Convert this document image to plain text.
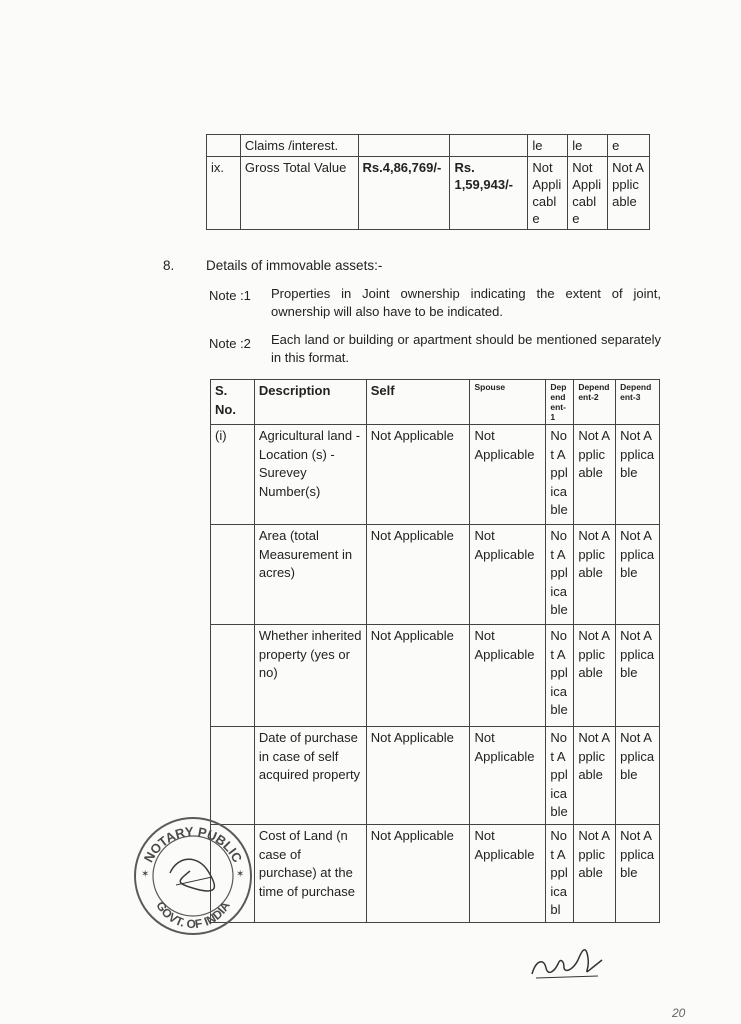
	Claims /interest.			le	le	e
ix.	Gross Total Value	Rs.4,86,769/-	Rs. 1,59,943/-	Not Applicable	Not Applicable	Not Applicable
8. Details of immovable assets:-
Note :1 Properties in Joint ownership indicating the extent of joint, ownership will also have to be indicated.
Note :2 Each land or building or apartment should be mentioned separately in this format.
S. No.	Description	Self	Spouse	Dependent-1	Dependent-2	Dependent-3
(i)	Agricultural land -Location (s) -Surevey Number(s)	Not Applicable	Not Applicable	Not Applicable	Not Applicable	Not Applicable
	Area (total Measurement in acres)	Not Applicable	Not Applicable	Not Applicable	Not Applicable	Not Applicable
	Whether inherited property (yes or no)	Not Applicable	Not Applicable	Not Applicable	Not Applicable	Not Applicable
	Date of purchase in case of self acquired property	Not Applicable	Not Applicable	Not Applicable	Not Applicable	Not Applicable
	Cost of Land (n case of purchase) at the time of purchase	Not Applicable	Not Applicable	Not Applicabl	Not Applicable	Not Applicable
NOTARY PUBLIC
GOVT. OF INDIA
✶	✶
20
